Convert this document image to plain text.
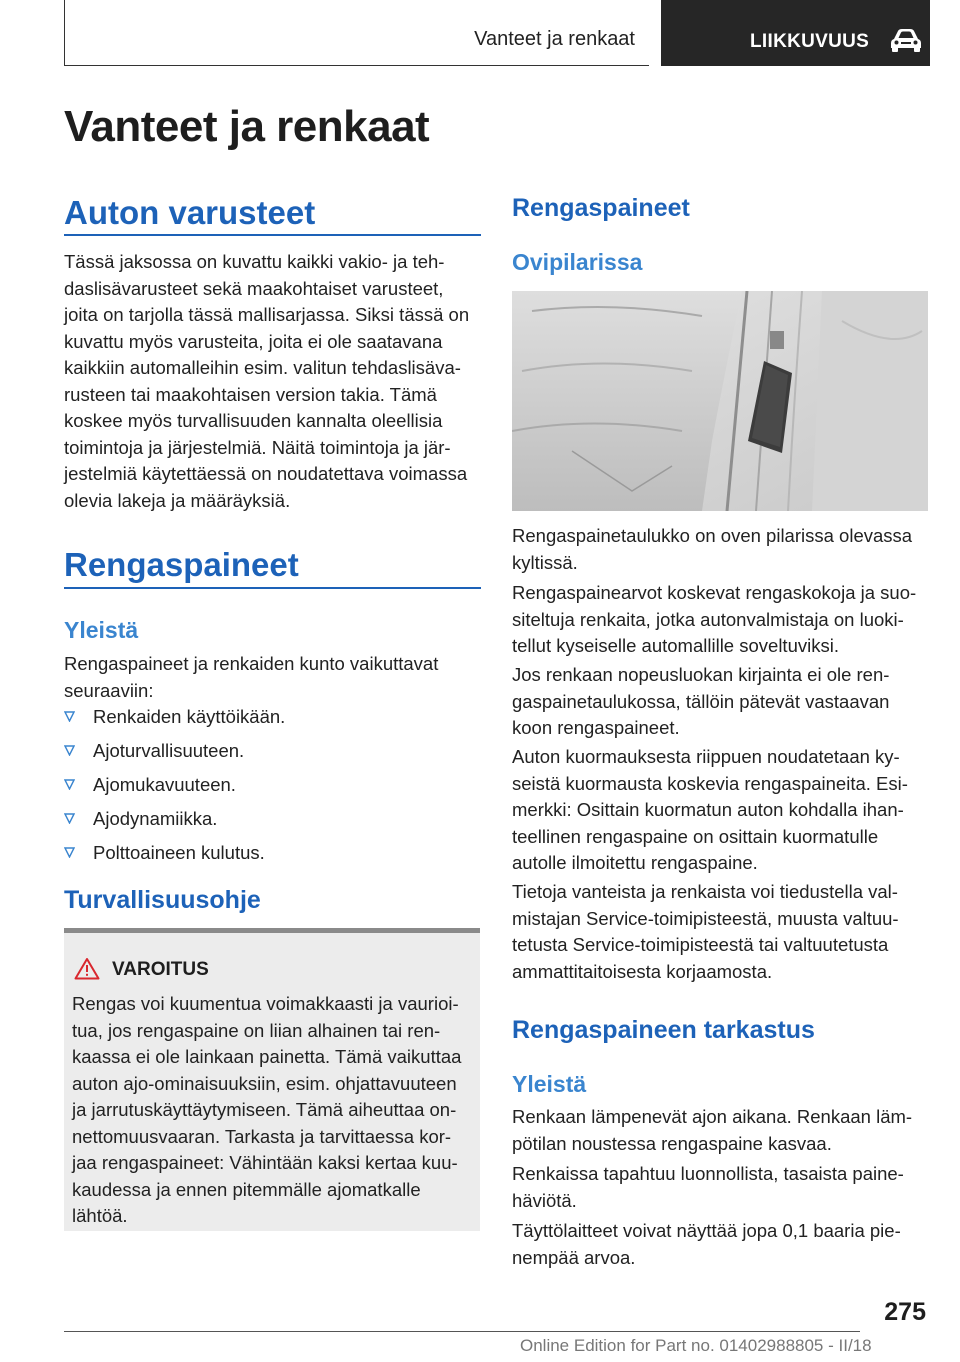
Vanteet ja renkaat	LIIKKUVUUS
Vanteet ja renkaat
Auton varusteet
Tässä jaksossa on kuvattu kaikki vakio- ja teh-
daslisävarusteet sekä maakohtaiset varusteet,
joita on tarjolla tässä mallisarjassa. Siksi tässä on
kuvattu myös varusteita, joita ei ole saatavana
kaikkiin automalleihin esim. valitun tehdaslisäva-
rusteen tai maakohtaisen version takia. Tämä
koskee myös turvallisuuden kannalta oleellisia
toimintoja ja järjestelmiä. Näitä toimintoja ja jär-
jestelmiä käytettäessä on noudatettava voimassa
olevia lakeja ja määräyksiä.
Rengaspaineet
Yleistä
Rengaspaineet ja renkaiden kunto vaikuttavat
seuraaviin:
Renkaiden käyttöikään.
Ajoturvallisuuteen.
Ajomukavuuteen.
Ajodynamiikka.
Polttoaineen kulutus.
Turvallisuusohje
VAROITUS
Rengas voi kuumentua voimakkaasti ja vaurioi-
tua, jos rengaspaine on liian alhainen tai ren-
kaassa ei ole lainkaan painetta. Tämä vaikuttaa
auton ajo-ominaisuuksiin, esim. ohjattavuuteen
ja jarrutuskäyttäytymiseen. Tämä aiheuttaa on-
nettomuusvaaran. Tarkasta ja tarvittaessa kor-
jaa rengaspaineet: Vähintään kaksi kertaa kuu-
kaudessa ja ennen pitemmälle ajomatkalle
lähtöä.
Rengaspaineet
Ovipilarissa
Rengaspainetaulukko on oven pilarissa olevassa
kyltissä.
Rengaspainearvot koskevat rengaskokoja ja suo-
siteltuja renkaita, jotka autonvalmistaja on luoki-
tellut kyseiselle automallille soveltuviksi.
Jos renkaan nopeusluokan kirjainta ei ole ren-
gaspainetaulukossa, tällöin pätevät vastaavan
koon rengaspaineet.
Auton kuormauksesta riippuen noudatetaan ky-
seistä kuormausta koskevia rengaspaineita. Esi-
merkki: Osittain kuormatun auton kohdalla ihan-
teellinen rengaspaine on osittain kuormatulle
autolle ilmoitettu rengaspaine.
Tietoja vanteista ja renkaista voi tiedustella val-
mistajan Service-toimipisteestä, muusta valtuu-
tetusta Service-toimipisteestä tai valtuutetusta
ammattitaitoisesta korjaamosta.
Rengaspaineen tarkastus
Yleistä
Renkaan lämpenevät ajon aikana. Renkaan läm-
pötilan noustessa rengaspaine kasvaa.
Renkaissa tapahtuu luonnollista, tasaista paine-
häviötä.
Täyttölaitteet voivat näyttää jopa 0,1 baaria pie-
nempää arvoa.
275
Online Edition for Part no. 01402988805 - II/18
